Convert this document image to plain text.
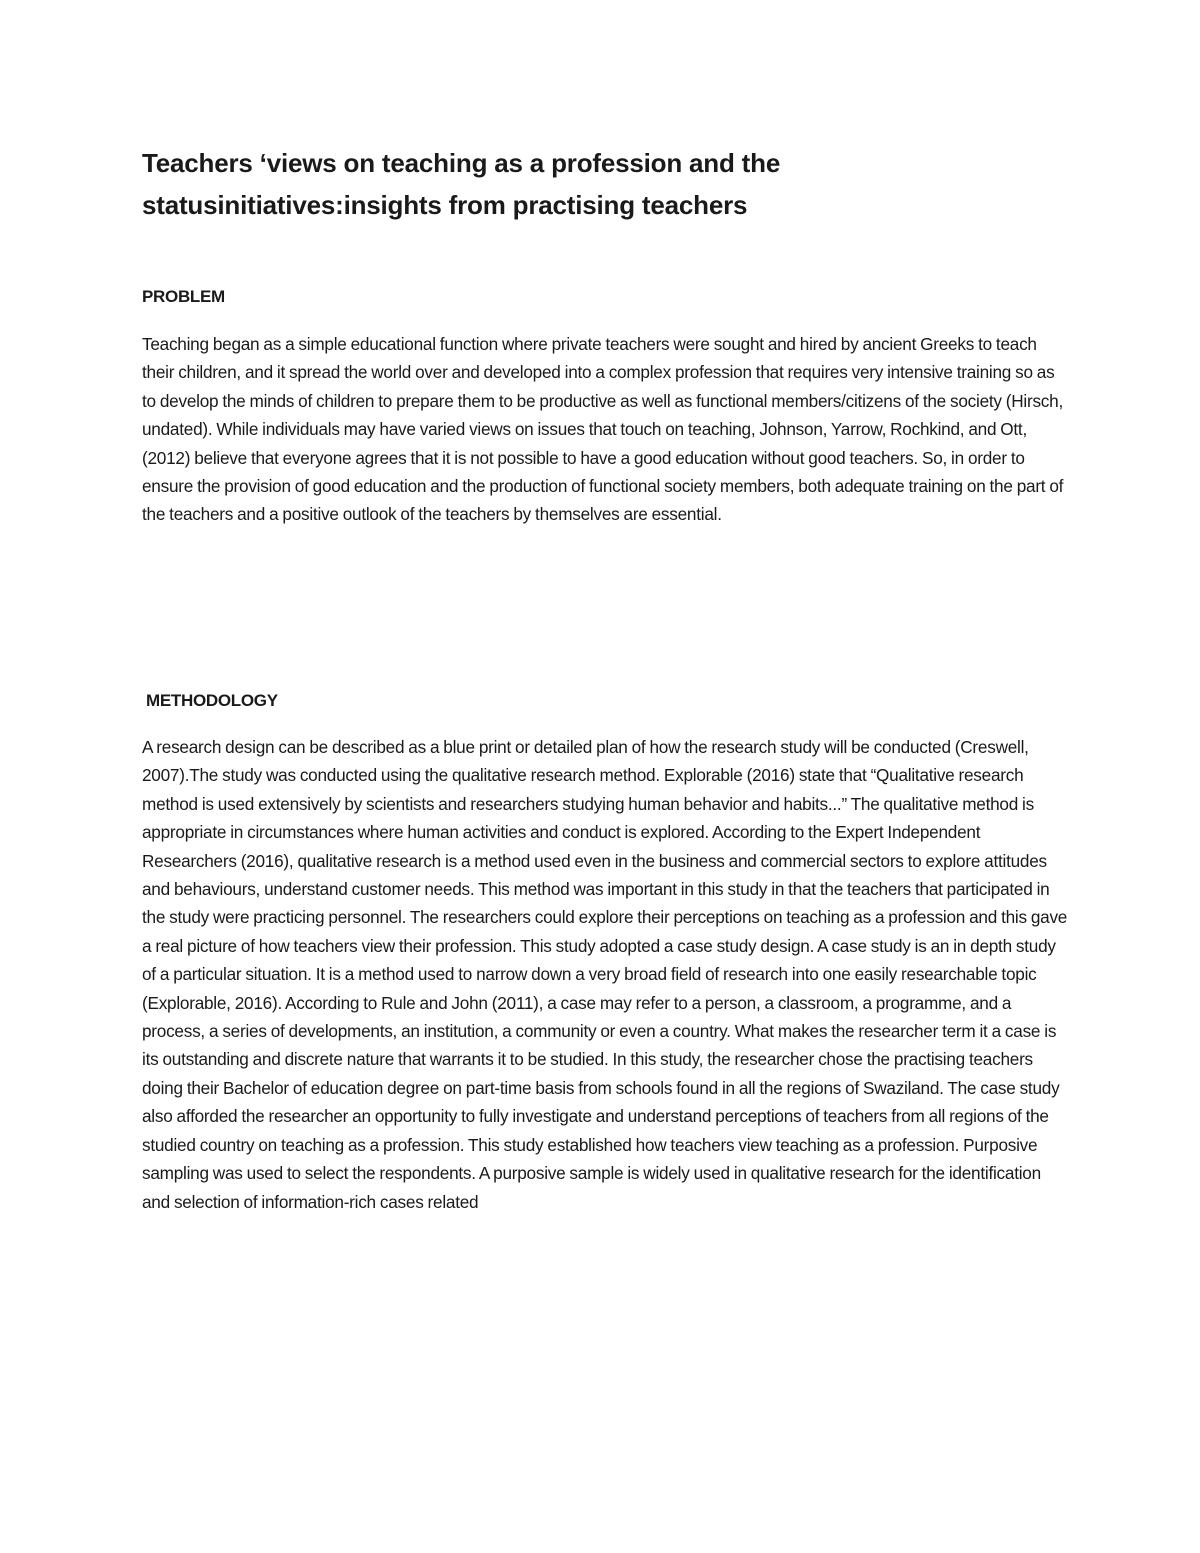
Teachers ‘views on teaching as a profession and the statusinitiatives:insights from practising teachers
PROBLEM

Teaching began as a simple educational function where private teachers were sought and hired by ancient Greeks to teach their children, and it spread the world over and developed into a complex profession that requires very intensive training so as to develop the minds of children to prepare them to be productive as well as functional members/citizens of the society (Hirsch, undated). While individuals may have varied views on issues that touch on teaching, Johnson, Yarrow, Rochkind, and Ott, (2012) believe that everyone agrees that it is not possible to have a good education without good teachers. So, in order to ensure the provision of good education and the production of functional society members, both adequate training on the part of the teachers and a positive outlook of the teachers by themselves are essential.

METHODOLOGY

A research design can be described as a blue print or detailed plan of how the research study will be conducted (Creswell, 2007).The study was conducted using the qualitative research method. Explorable (2016) state that “Qualitative research method is used extensively by scientists and researchers studying human behavior and habits...” The qualitative method is appropriate in circumstances where human activities and conduct is explored. According to the Expert Independent Researchers (2016), qualitative research is a method used even in the business and commercial sectors to explore attitudes and behaviours, understand customer needs. This method was important in this study in that the teachers that participated in the study were practicing personnel. The researchers could explore their perceptions on teaching as a profession and this gave a real picture of how teachers view their profession. This study adopted a case study design. A case study is an in depth study of a particular situation. It is a method used to narrow down a very broad field of research into one easily researchable topic (Explorable, 2016). According to Rule and John (2011), a case may refer to a person, a classroom, a programme, and a process, a series of developments, an institution, a community or even a country. What makes the researcher term it a case is its outstanding and discrete nature that warrants it to be studied. In this study, the researcher chose the practising teachers doing their Bachelor of education degree on part-time basis from schools found in all the regions of Swaziland. The case study also afforded the researcher an opportunity to fully investigate and understand perceptions of teachers from all regions of the studied country on teaching as a profession. This study established how teachers view teaching as a profession. Purposive sampling was used to select the respondents. A purposive sample is widely used in qualitative research for the identification and selection of information-rich cases related
